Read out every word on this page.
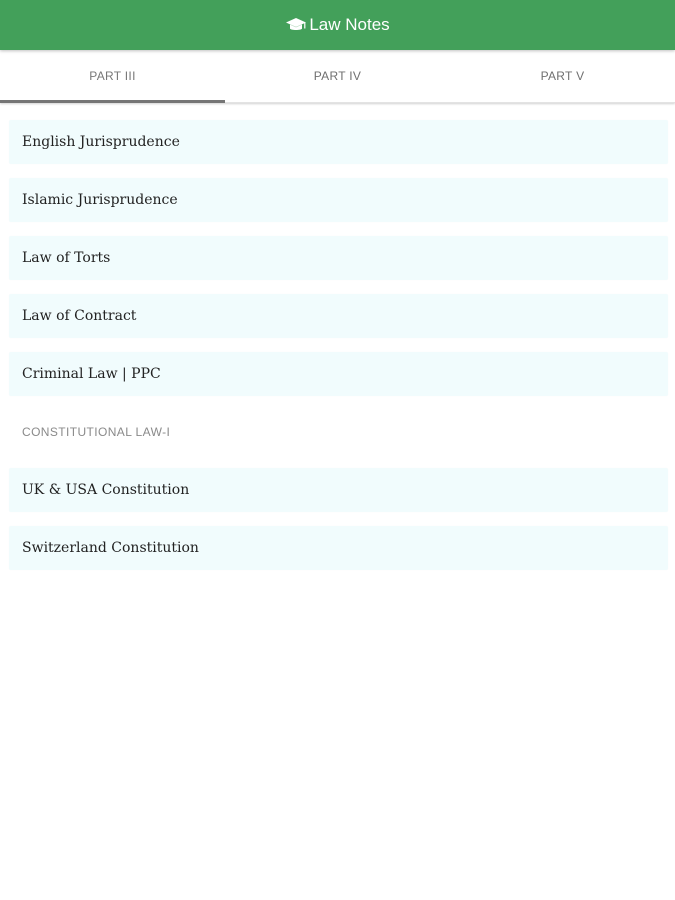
Law Notes
PART III	PART IV	PART V
English Jurisprudence
Islamic Jurisprudence
Law of Torts
Law of Contract
Criminal Law | PPC
CONSTITUTIONAL LAW-I
UK & USA Constitution
Switzerland Constitution
